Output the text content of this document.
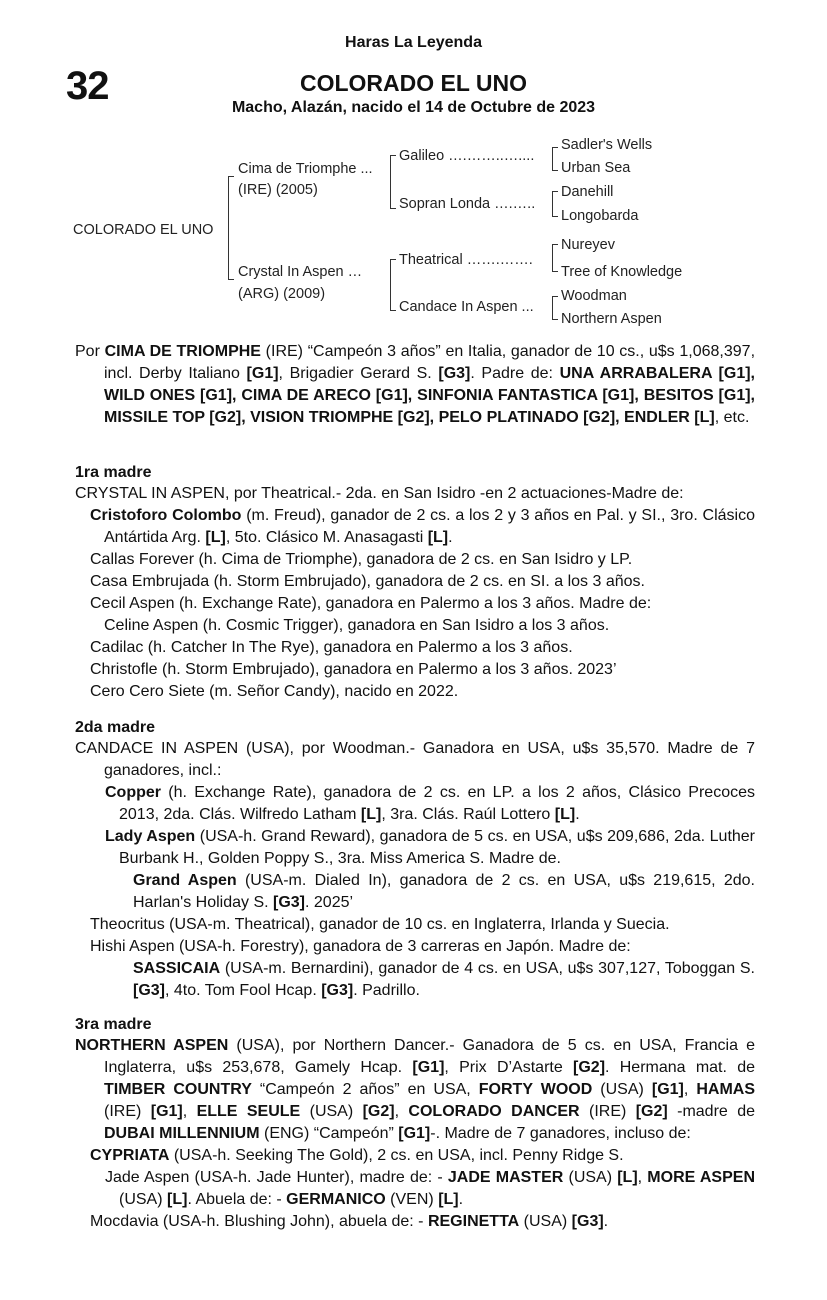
Haras La Leyenda
32	COLORADO EL UNO
Macho, Alazán, nacido el 14 de Octubre de 2023
COLORADO EL UNO
Cima de Triomphe ...
(IRE) (2005)
Crystal In Aspen …
(ARG) (2009)
Galileo ….……..…....
Sopran Londa ….…..
Theatrical …….…….
Candace In Aspen ...
Sadler's Wells
Urban Sea
Danehill
Longobarda
Nureyev
Tree of Knowledge
Woodman
Northern Aspen

Por CIMA DE TRIOMPHE (IRE) “Campeón 3 años” en Italia, ganador de 10 cs., u$s 1,068,397, incl. Derby Italiano [G1], Brigadier Gerard S. [G3]. Padre de: UNA ARRABALERA [G1], WILD ONES [G1], CIMA DE ARECO [G1], SINFONIA FANTASTICA [G1], BESITOS [G1], MISSILE TOP [G2], VISION TRIOMPHE [G2], PELO PLATINADO [G2], ENDLER [L], etc.

1ra madre

CRYSTAL IN ASPEN, por Theatrical.- 2da. en San Isidro -en 2 actuaciones-Madre de:

Cristoforo Colombo (m. Freud), ganador de 2 cs. a los 2 y 3 años en Pal. y SI., 3ro. Clásico Antártida Arg. [L], 5to. Clásico M. Anasagasti [L].

Callas Forever (h. Cima de Triomphe), ganadora de 2 cs. en San Isidro y LP.

Casa Embrujada (h. Storm Embrujado), ganadora de 2 cs. en SI. a los 3 años.

Cecil Aspen (h. Exchange Rate), ganadora en Palermo a los 3 años. Madre de:

Celine Aspen (h. Cosmic Trigger), ganadora en San Isidro a los 3 años.

Cadilac (h. Catcher In The Rye), ganadora en Palermo a los 3 años.

Christofle (h. Storm Embrujado), ganadora en Palermo a los 3 años. 2023’

Cero Cero Siete (m. Señor Candy), nacido en 2022.

2da madre

CANDACE IN ASPEN (USA), por Woodman.- Ganadora en USA, u$s 35,570. Madre de 7 ganadores, incl.:

Copper (h. Exchange Rate), ganadora de 2 cs. en LP. a los 2 años, Clásico Precoces 2013, 2da. Clás. Wilfredo Latham [L], 3ra. Clás. Raúl Lottero [L].

Lady Aspen (USA-h. Grand Reward), ganadora de 5 cs. en USA, u$s 209,686, 2da. Luther Burbank H., Golden Poppy S., 3ra. Miss America S. Madre de.

Grand Aspen (USA-m. Dialed In), ganadora de 2 cs. en USA, u$s 219,615, 2do. Harlan's Holiday S. [G3]. 2025’

Theocritus (USA-m. Theatrical), ganador de 10 cs. en Inglaterra, Irlanda y Suecia.

Hishi Aspen (USA-h. Forestry), ganadora de 3 carreras en Japón. Madre de:

SASSICAIA (USA-m. Bernardini), ganador de 4 cs. en USA, u$s 307,127, Toboggan S. [G3], 4to. Tom Fool Hcap. [G3]. Padrillo.

3ra madre

NORTHERN ASPEN (USA), por Northern Dancer.- Ganadora de 5 cs. en USA, Francia e Inglaterra, u$s 253,678, Gamely Hcap. [G1], Prix D’Astarte [G2]. Hermana mat. de TIMBER COUNTRY “Campeón 2 años” en USA, FORTY WOOD (USA) [G1], HAMAS (IRE) [G1], ELLE SEULE (USA) [G2], COLORADO DANCER (IRE) [G2] -madre de DUBAI MILLENNIUM (ENG) “Campeón” [G1]-. Madre de 7 ganadores, incluso de:

CYPRIATA (USA-h. Seeking The Gold), 2 cs. en USA, incl. Penny Ridge S.

Jade Aspen (USA-h. Jade Hunter), madre de: - JADE MASTER (USA) [L], MORE ASPEN (USA) [L]. Abuela de: - GERMANICO (VEN) [L].

Mocdavia (USA-h. Blushing John), abuela de: - REGINETTA (USA) [G3].
